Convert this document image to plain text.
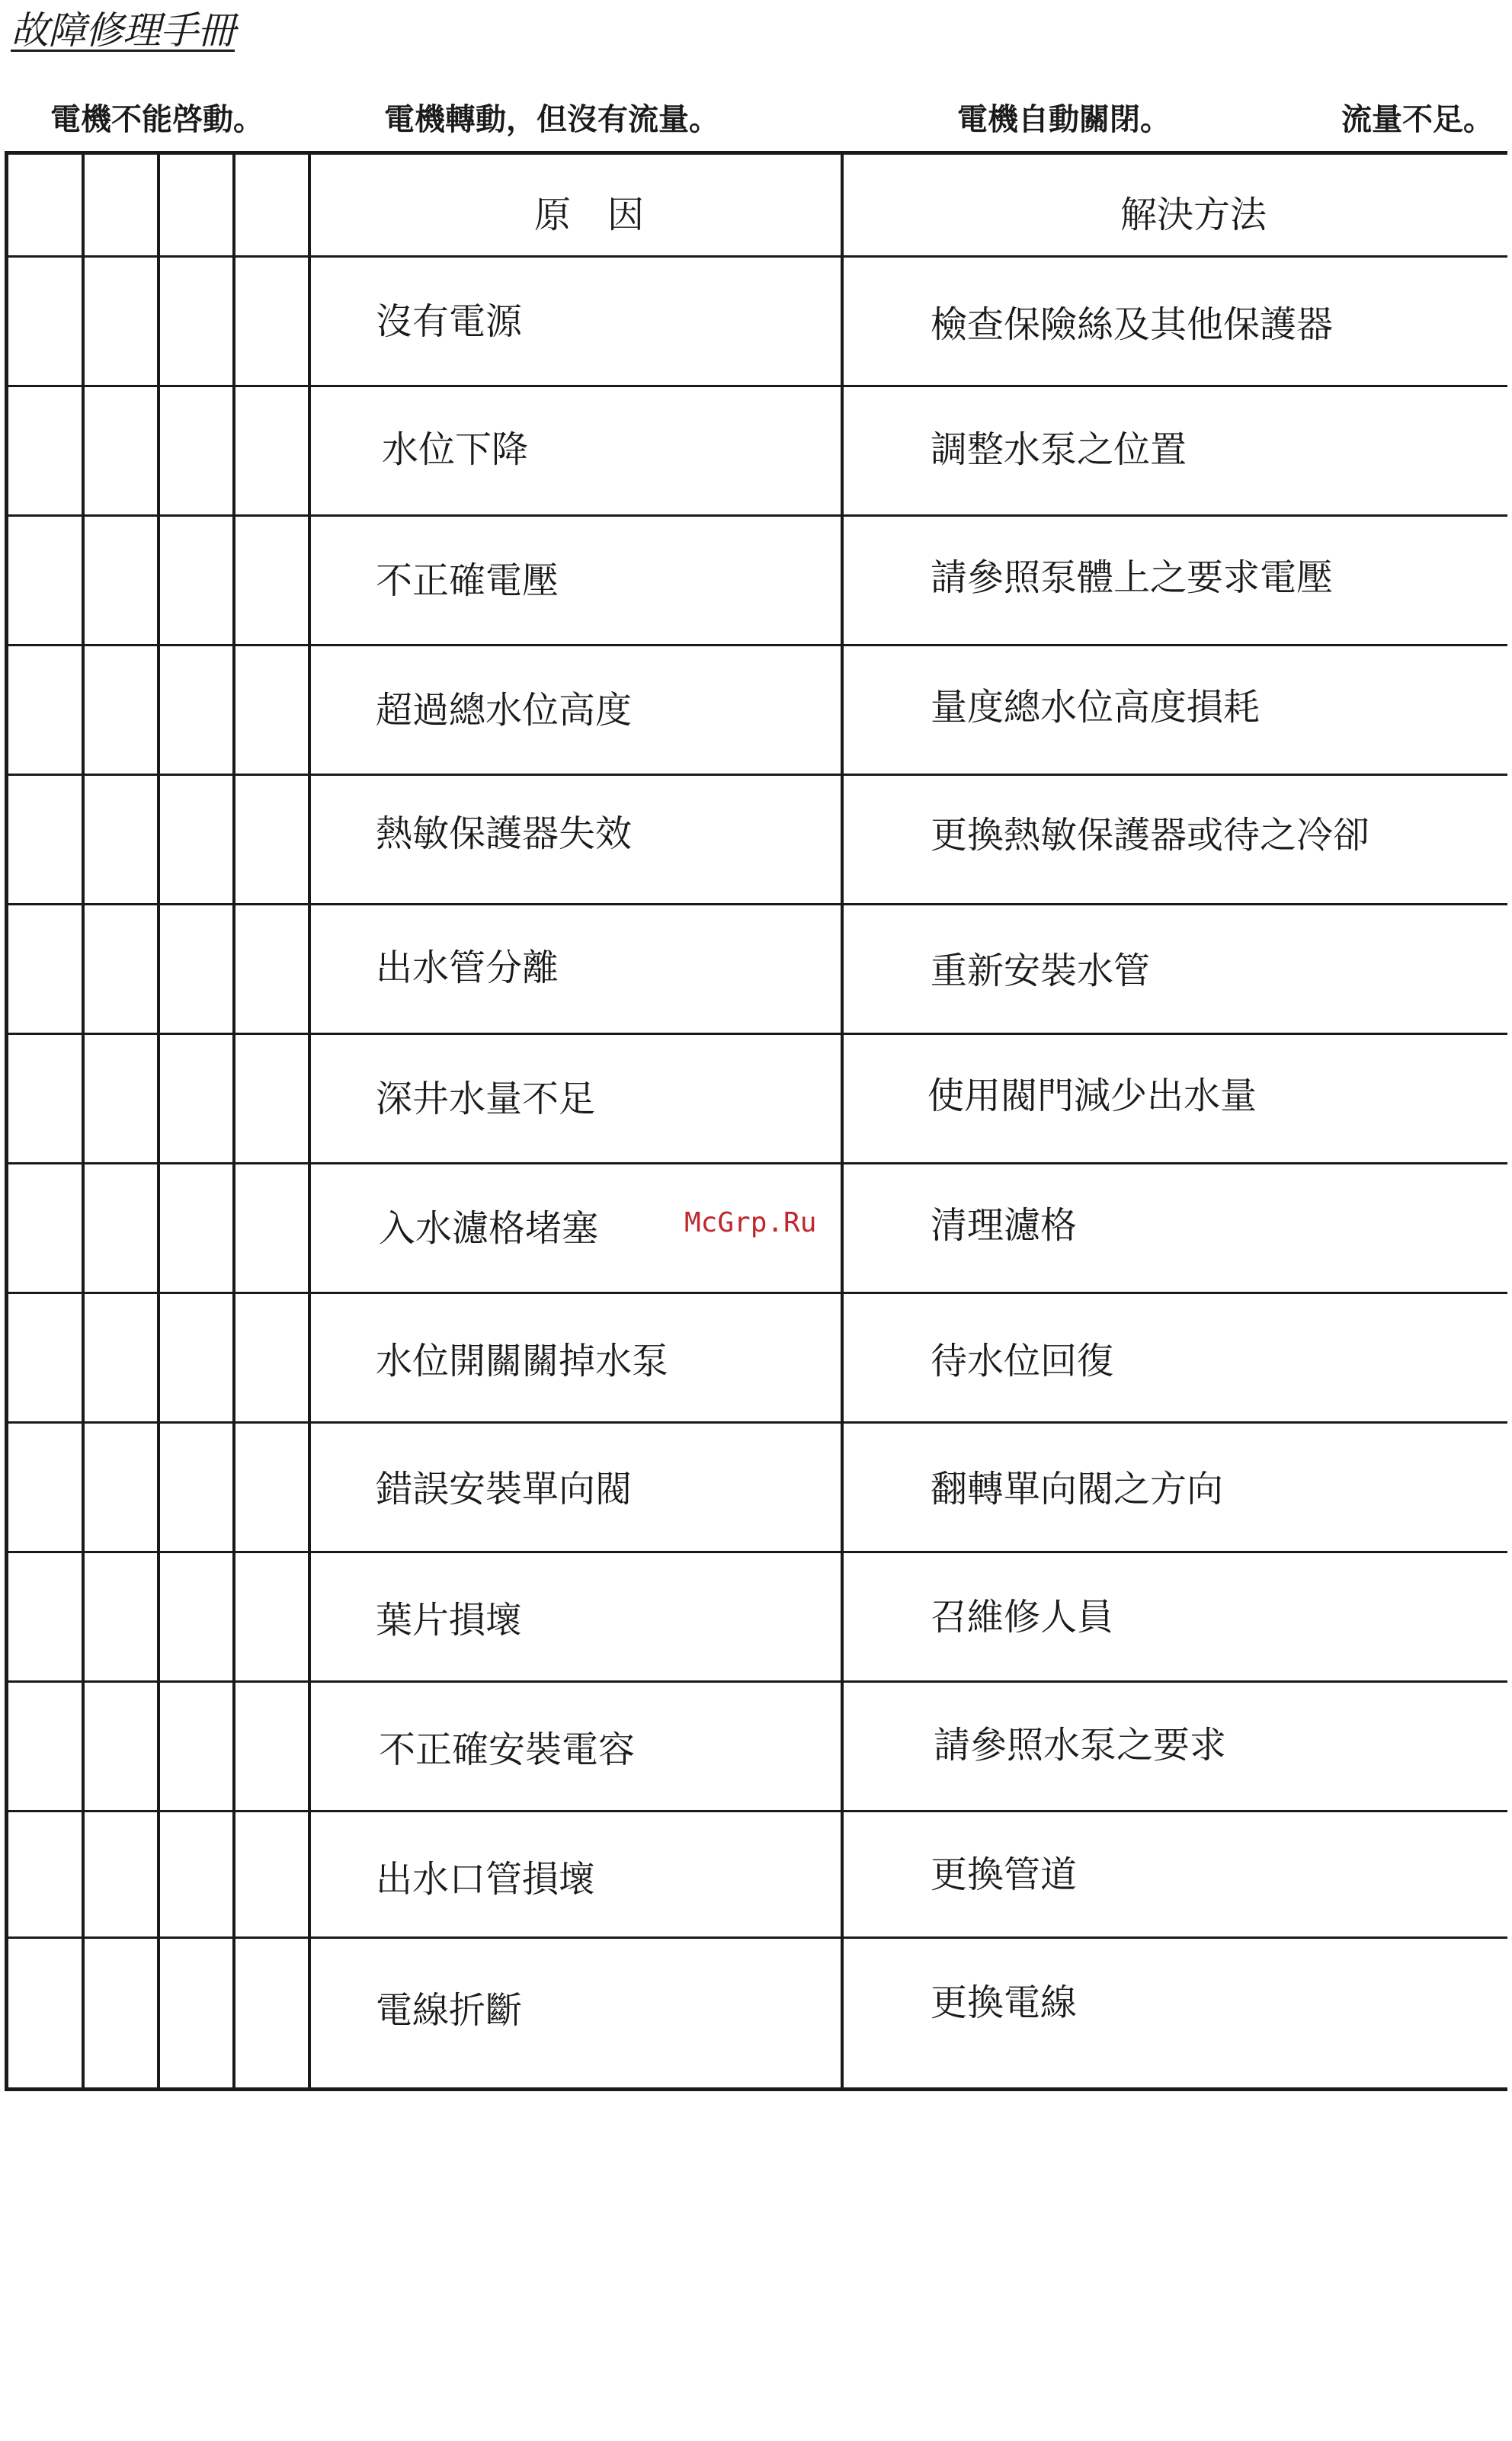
故障修理手冊
電機不能啓動。	電機轉動，但沒有流量。	電機自動關閉。	流量不足。
原　因	解決方法
沒有電源	檢查保險絲及其他保護器
水位下降	調整水泵之位置
不正確電壓	請參照泵體上之要求電壓
超過總水位高度	量度總水位高度損耗
熱敏保護器失效	更換熱敏保護器或待之冷卻
出水管分離	重新安裝水管
深井水量不足	使用閥門減少出水量
入水濾格堵塞	清理濾格
水位開關關掉水泵	待水位回復
錯誤安裝單向閥	翻轉單向閥之方向
葉片損壞	召維修人員
不正確安裝電容	請參照水泵之要求
出水口管損壞	更換管道
電線折斷	更換電線
McGrp.Ru
